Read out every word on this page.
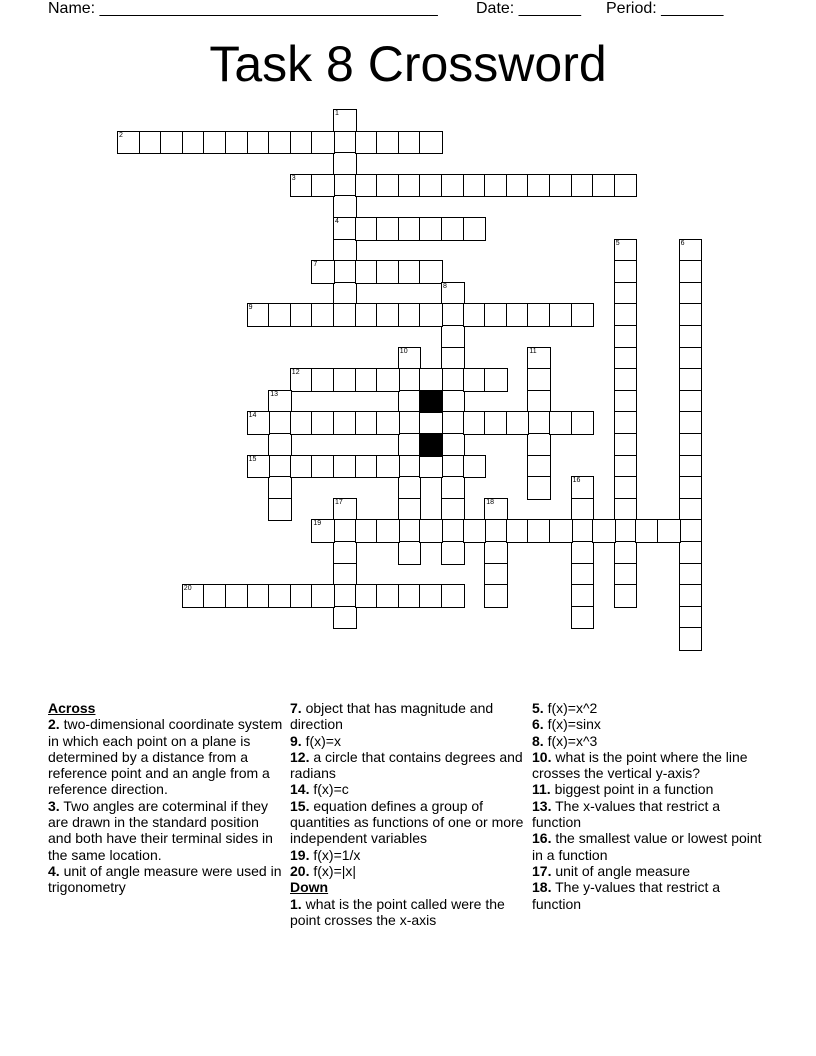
Name: ______________________________________ Date: _______ Period: _______
Task 8 Crossword
1
4
2
3
5	6
7
8
9
10	11
12
13
14
15
16
17	18
19
20
Across
2. two-dimensional coordinate system in which each point on a plane is determined by a distance from a reference point and an angle from a reference direction.
3. Two angles are coterminal if they are drawn in the standard position and both have their terminal sides in the same location.
4. unit of angle measure were used in trigonometry
7. object that has magnitude and direction
9. f(x)=x
12. a circle that contains degrees and radians
14. f(x)=c
15. equation defines a group of quantities as functions of one or more independent variables
19. f(x)=1/x
20. f(x)=|x|
Down
1. what is the point called were the point crosses the x-axis
5. f(x)=x^2
6. f(x)=sinx
8. f(x)=x^3
10. what is the point where the line crosses the vertical y-axis?
11. biggest point in a function
13. The x-values that restrict a function
16. the smallest value or lowest point in a function
17. unit of angle measure
18. The y-values that restrict a function
